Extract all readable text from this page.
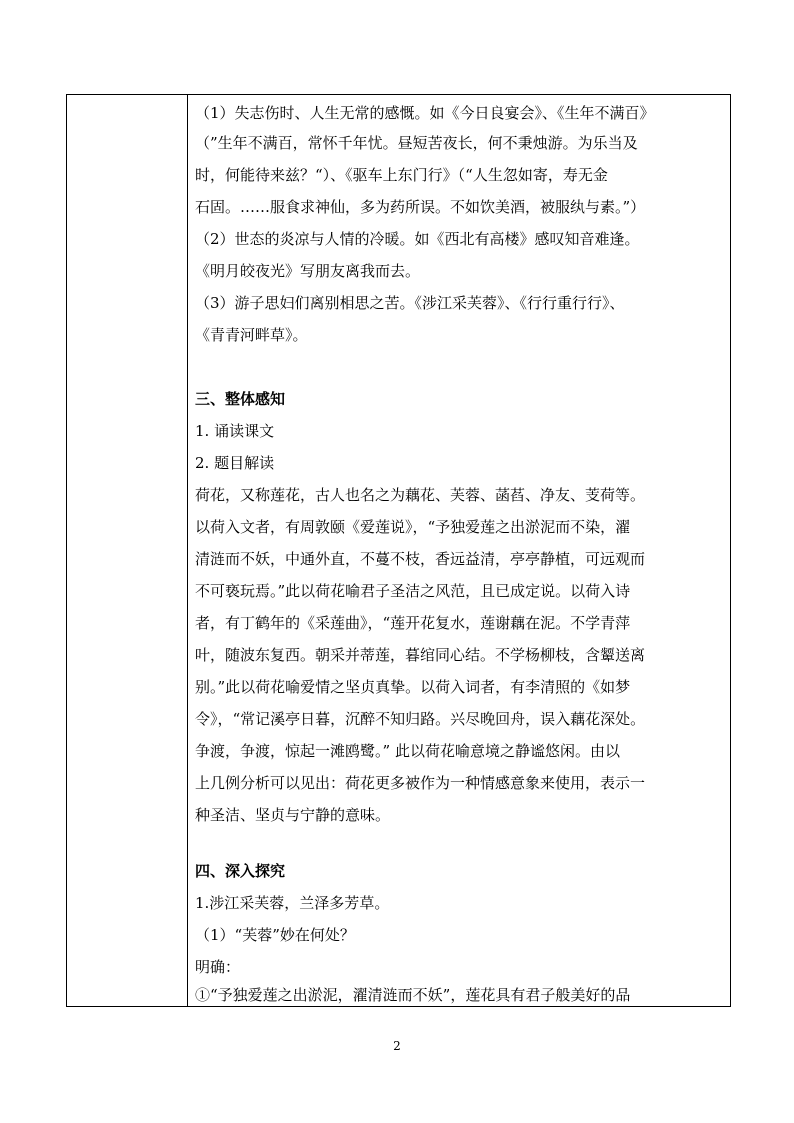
（1）失志伤时、人生无常的感慨。如《今日良宴会》、《生年不满百》
（”生年不满百，常怀千年忧。昼短苦夜长，何不秉烛游。为乐当及
时，何能待来兹？“）、《驱车上东门行》（“人生忽如寄，寿无金
石固。……服食求神仙，多为药所误。不如饮美酒，被服纨与素。”）
（2）世态的炎凉与人情的冷暖。如《西北有高楼》感叹知音难逢。
《明月皎夜光》写朋友离我而去。
（3）游子思妇们离别相思之苦。《涉江采芙蓉》、《行行重行行》、
《青青河畔草》。
三、整体感知
1. 诵读课文
2. 题目解读
荷花，又称莲花，古人也名之为藕花、芙蓉、菡萏、净友、芰荷等。
以荷入文者，有周敦颐《爱莲说》，“予独爱莲之出淤泥而不染，濯
清涟而不妖，中通外直，不蔓不枝，香远益清，亭亭静植，可远观而
不可亵玩焉。”此以荷花喻君子圣洁之风范，且已成定说。以荷入诗
者，有丁鹤年的《采莲曲》，“莲开花复水，莲谢藕在泥。不学青萍
叶，随波东复西。朝采并蒂莲，暮绾同心结。不学杨柳枝，含颦送离
别。”此以荷花喻爱情之坚贞真挚。以荷入词者，有李清照的《如梦
令》，“常记溪亭日暮，沉醉不知归路。兴尽晚回舟，误入藕花深处。
争渡，争渡，惊起一滩鸥鹭。” 此以荷花喻意境之静谧悠闲。由以
上几例分析可以见出：荷花更多被作为一种情感意象来使用，表示一
种圣洁、坚贞与宁静的意味。
四、深入探究
1.涉江采芙蓉，兰泽多芳草。
（1）“芙蓉”妙在何处？
明确：
①“予独爱莲之出淤泥，濯清涟而不妖”，莲花具有君子般美好的品
2
